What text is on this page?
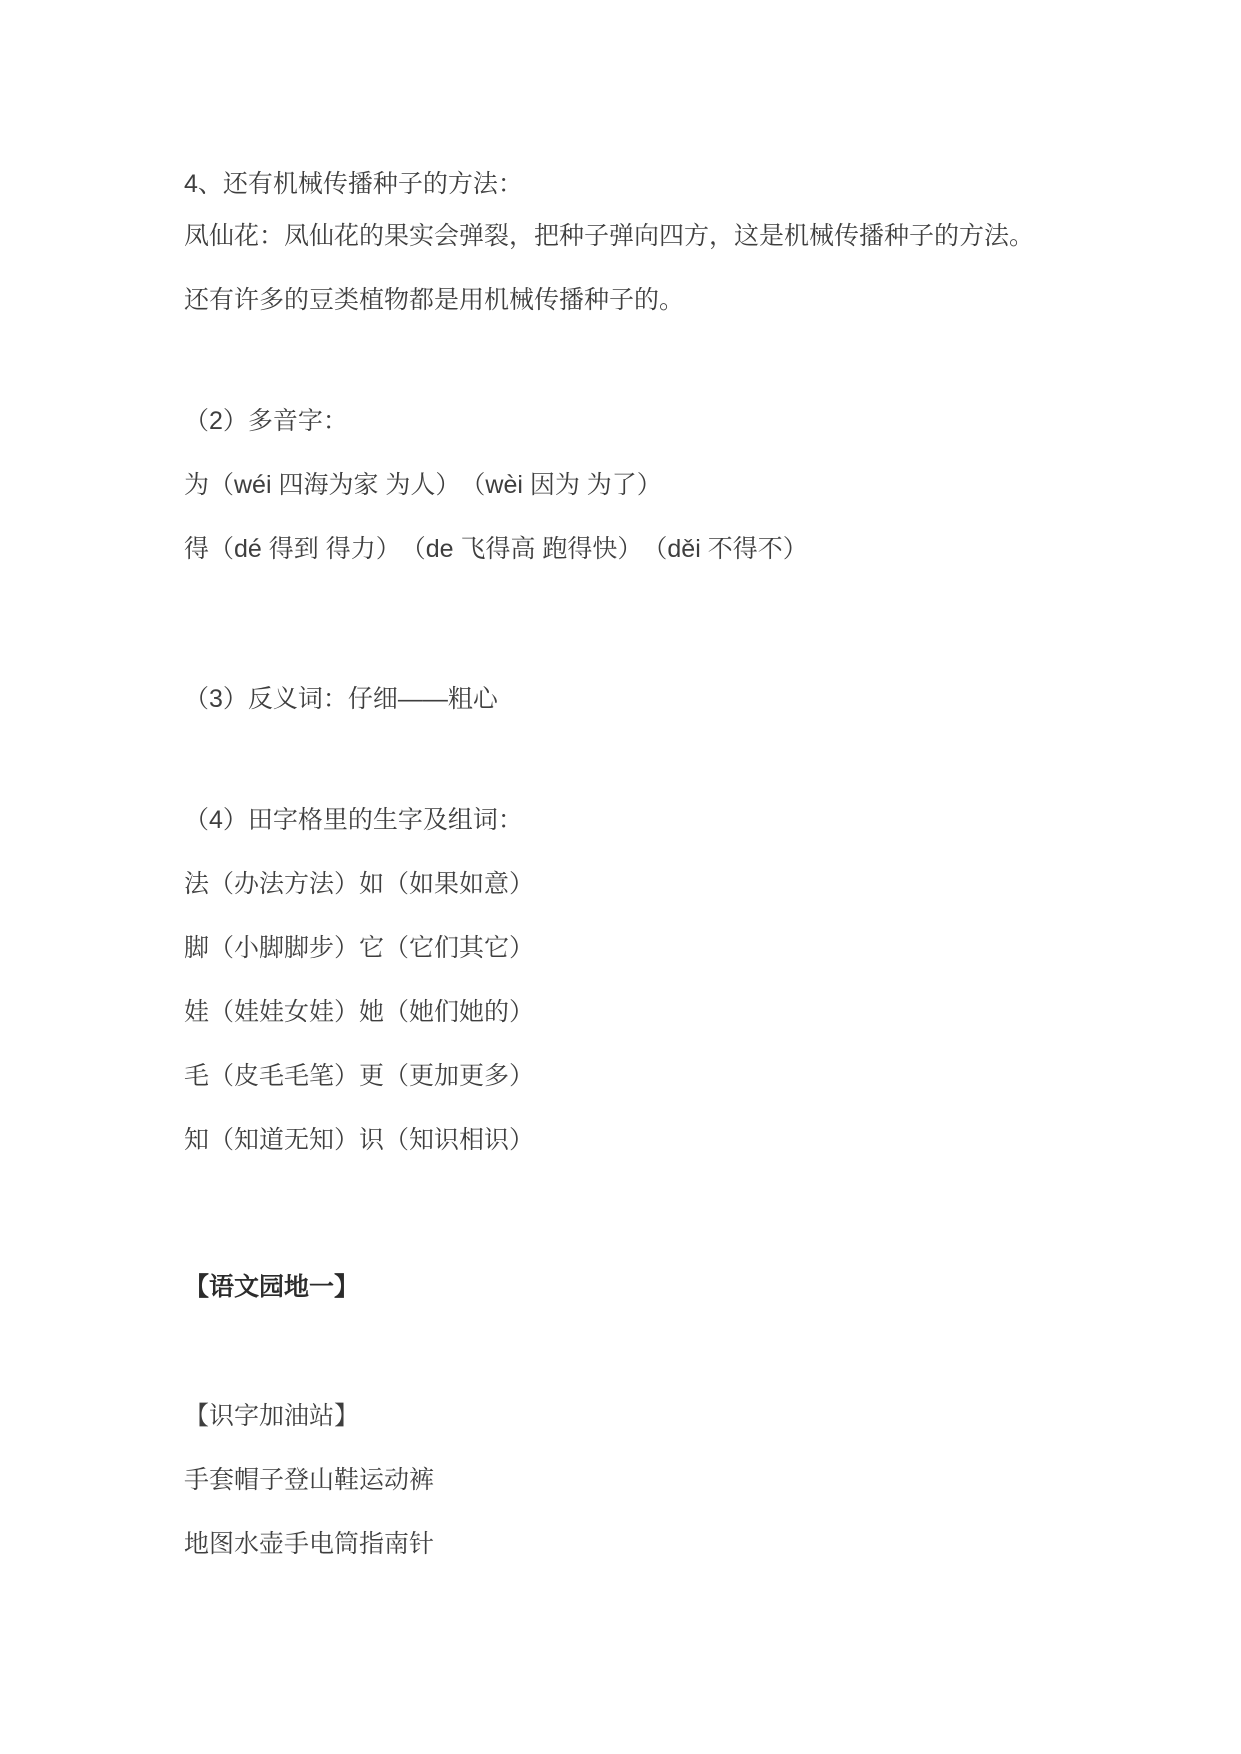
4、还有机械传播种子的方法：

凤仙花：凤仙花的果实会弹裂，把种子弹向四方，这是机械传播种子的方法。

还有许多的豆类植物都是用机械传播种子的。

（2）多音字：

为（wéi 四海为家 为人）　（wèi 因为 为了）

得（dé 得到 得力）　（de 飞得高 跑得快）　（děi 不得不）

（3）反义词：仔细——粗心

（4）田字格里的生字及组词：

法（办法方法）如（如果如意）

脚（小脚脚步）它（它们其它）

娃（娃娃女娃）她（她们她的）

毛（皮毛毛笔）更（更加更多）

知（知道无知）识（知识相识）

【语文园地一】

【识字加油站】

手套帽子登山鞋运动裤

地图水壶手电筒指南针
